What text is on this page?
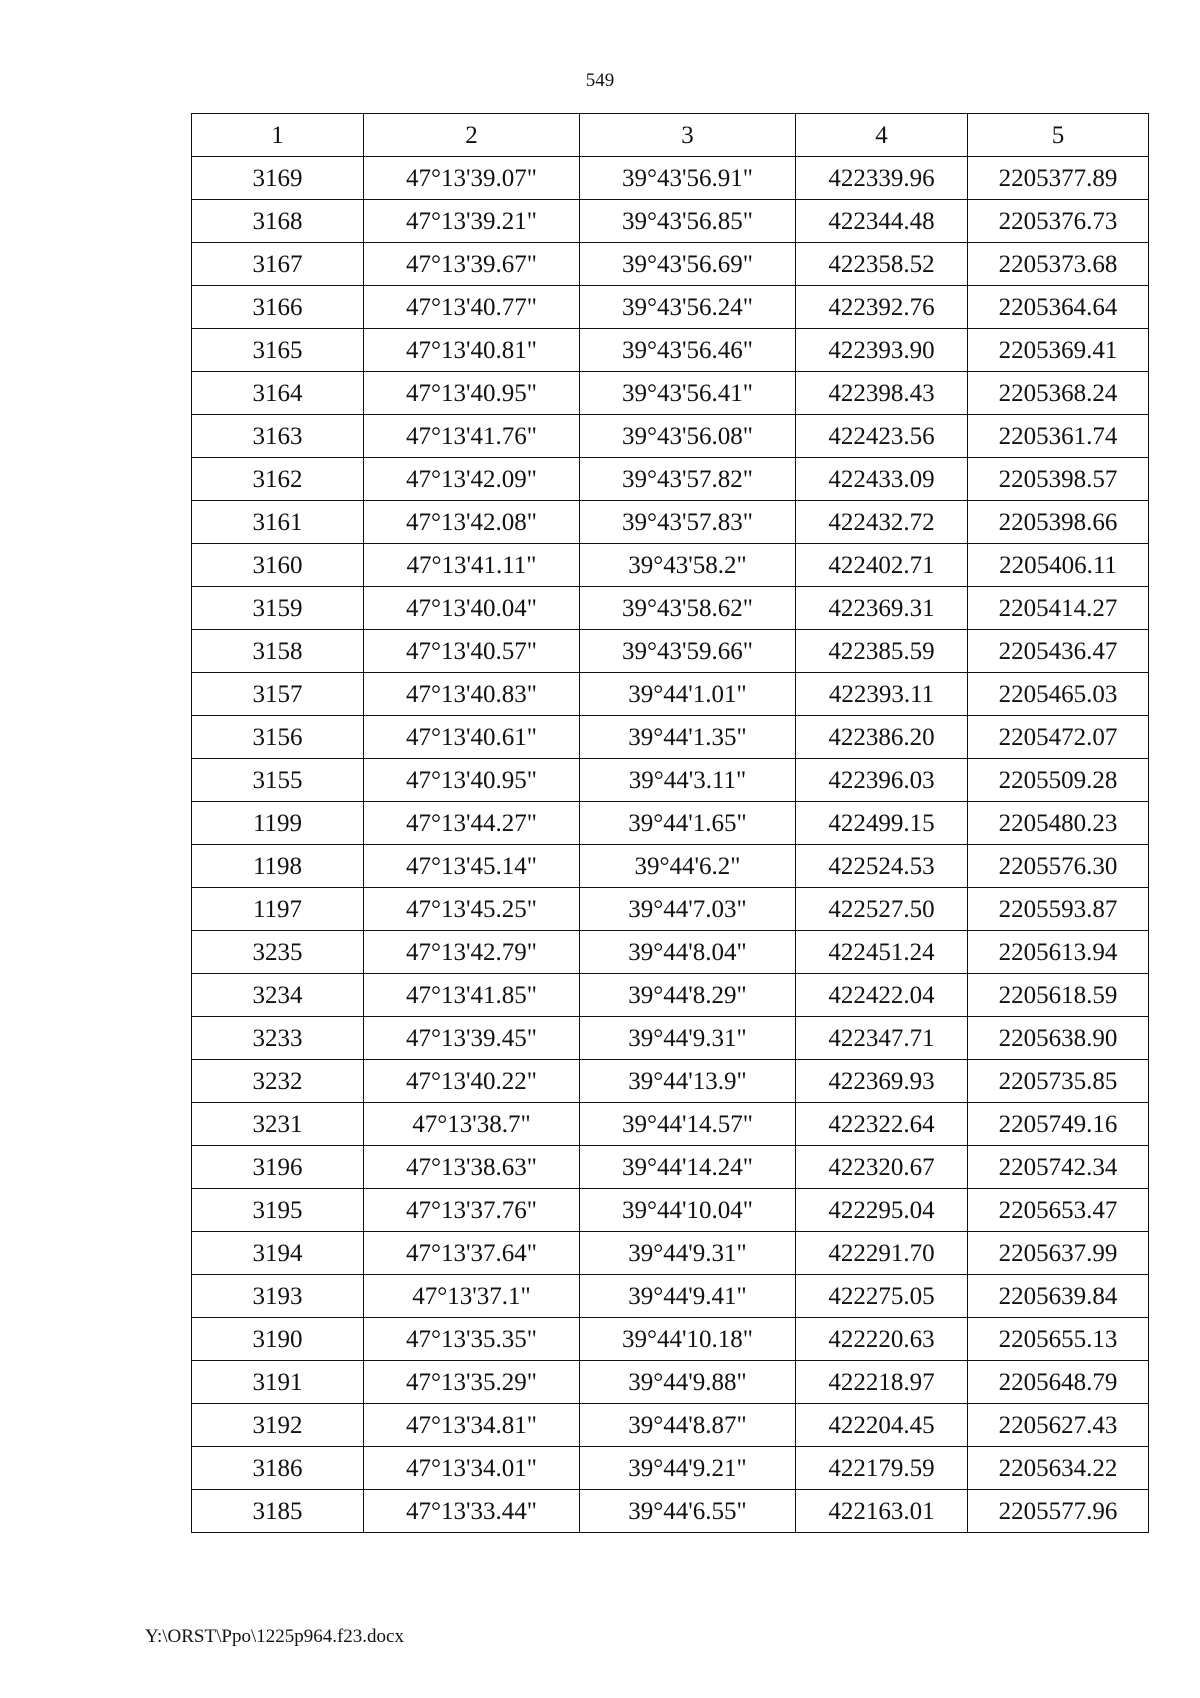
549
1	2	3	4	5
3169	47°13'39.07"	39°43'56.91"	422339.96	2205377.89
3168	47°13'39.21"	39°43'56.85"	422344.48	2205376.73
3167	47°13'39.67"	39°43'56.69"	422358.52	2205373.68
3166	47°13'40.77"	39°43'56.24"	422392.76	2205364.64
3165	47°13'40.81"	39°43'56.46"	422393.90	2205369.41
3164	47°13'40.95"	39°43'56.41"	422398.43	2205368.24
3163	47°13'41.76"	39°43'56.08"	422423.56	2205361.74
3162	47°13'42.09"	39°43'57.82"	422433.09	2205398.57
3161	47°13'42.08"	39°43'57.83"	422432.72	2205398.66
3160	47°13'41.11"	39°43'58.2"	422402.71	2205406.11
3159	47°13'40.04"	39°43'58.62"	422369.31	2205414.27
3158	47°13'40.57"	39°43'59.66"	422385.59	2205436.47
3157	47°13'40.83"	39°44'1.01"	422393.11	2205465.03
3156	47°13'40.61"	39°44'1.35"	422386.20	2205472.07
3155	47°13'40.95"	39°44'3.11"	422396.03	2205509.28
1199	47°13'44.27"	39°44'1.65"	422499.15	2205480.23
1198	47°13'45.14"	39°44'6.2"	422524.53	2205576.30
1197	47°13'45.25"	39°44'7.03"	422527.50	2205593.87
3235	47°13'42.79"	39°44'8.04"	422451.24	2205613.94
3234	47°13'41.85"	39°44'8.29"	422422.04	2205618.59
3233	47°13'39.45"	39°44'9.31"	422347.71	2205638.90
3232	47°13'40.22"	39°44'13.9"	422369.93	2205735.85
3231	47°13'38.7"	39°44'14.57"	422322.64	2205749.16
3196	47°13'38.63"	39°44'14.24"	422320.67	2205742.34
3195	47°13'37.76"	39°44'10.04"	422295.04	2205653.47
3194	47°13'37.64"	39°44'9.31"	422291.70	2205637.99
3193	47°13'37.1"	39°44'9.41"	422275.05	2205639.84
3190	47°13'35.35"	39°44'10.18"	422220.63	2205655.13
3191	47°13'35.29"	39°44'9.88"	422218.97	2205648.79
3192	47°13'34.81"	39°44'8.87"	422204.45	2205627.43
3186	47°13'34.01"	39°44'9.21"	422179.59	2205634.22
3185	47°13'33.44"	39°44'6.55"	422163.01	2205577.96
Y:\ORST\Ppo\1225p964.f23.docx
